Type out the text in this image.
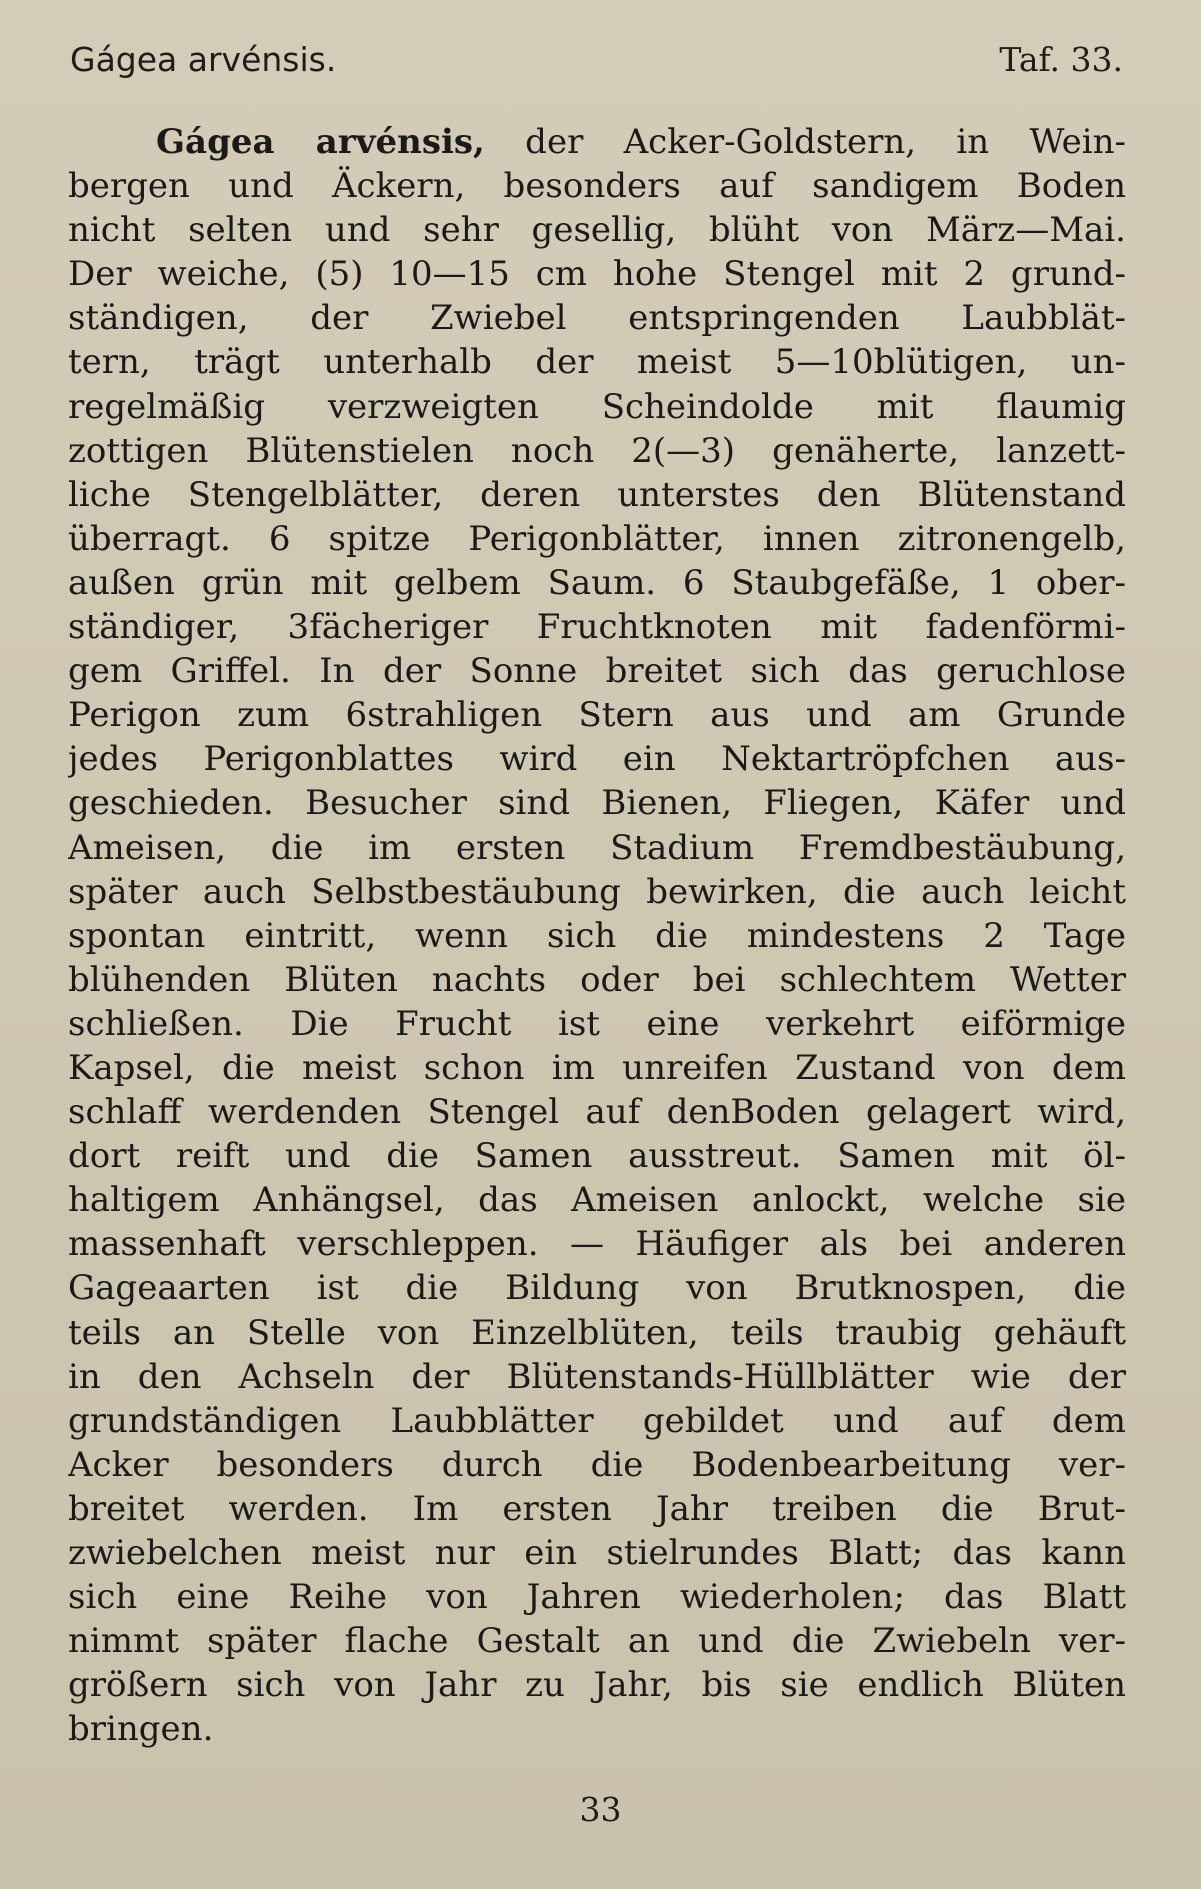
Gágea arvénsis.	Taf. 33.
Gágea arvénsis, der Acker-Goldstern, in Wein-
bergen und Äckern, besonders auf sandigem Boden
nicht selten und sehr gesellig, blüht von März—Mai.
Der weiche, (5) 10—15 cm hohe Stengel mit 2 grund-
ständigen, der Zwiebel entspringenden Laubblät-
tern, trägt unterhalb der meist 5—10blütigen, un-
regelmäßig verzweigten Scheindolde mit flaumig
zottigen Blütenstielen noch 2(—3) genäherte, lanzett-
liche Stengelblätter, deren unterstes den Blütenstand
überragt. 6 spitze Perigonblätter, innen zitronengelb,
außen grün mit gelbem Saum. 6 Staubgefäße, 1 ober-
ständiger, 3fächeriger Fruchtknoten mit fadenförmi-
gem Griffel. In der Sonne breitet sich das geruchlose
Perigon zum 6strahligen Stern aus und am Grunde
jedes Perigonblattes wird ein Nektartröpfchen aus-
geschieden. Besucher sind Bienen, Fliegen, Käfer und
Ameisen, die im ersten Stadium Fremdbestäubung,
später auch Selbstbestäubung bewirken, die auch leicht
spontan eintritt, wenn sich die mindestens 2 Tage
blühenden Blüten nachts oder bei schlechtem Wetter
schließen. Die Frucht ist eine verkehrt eiförmige
Kapsel, die meist schon im unreifen Zustand von dem
schlaff werdenden Stengel auf denBoden gelagert wird,
dort reift und die Samen ausstreut. Samen mit öl-
haltigem Anhängsel, das Ameisen anlockt, welche sie
massenhaft verschleppen. — Häufiger als bei anderen
Gageaarten ist die Bildung von Brutknospen, die
teils an Stelle von Einzelblüten, teils traubig gehäuft
in den Achseln der Blütenstands-Hüllblätter wie der
grundständigen Laubblätter gebildet und auf dem
Acker besonders durch die Bodenbearbeitung ver-
breitet werden. Im ersten Jahr treiben die Brut-
zwiebelchen meist nur ein stielrundes Blatt; das kann
sich eine Reihe von Jahren wiederholen; das Blatt
nimmt später flache Gestalt an und die Zwiebeln ver-
größern sich von Jahr zu Jahr, bis sie endlich Blüten
bringen.
33
